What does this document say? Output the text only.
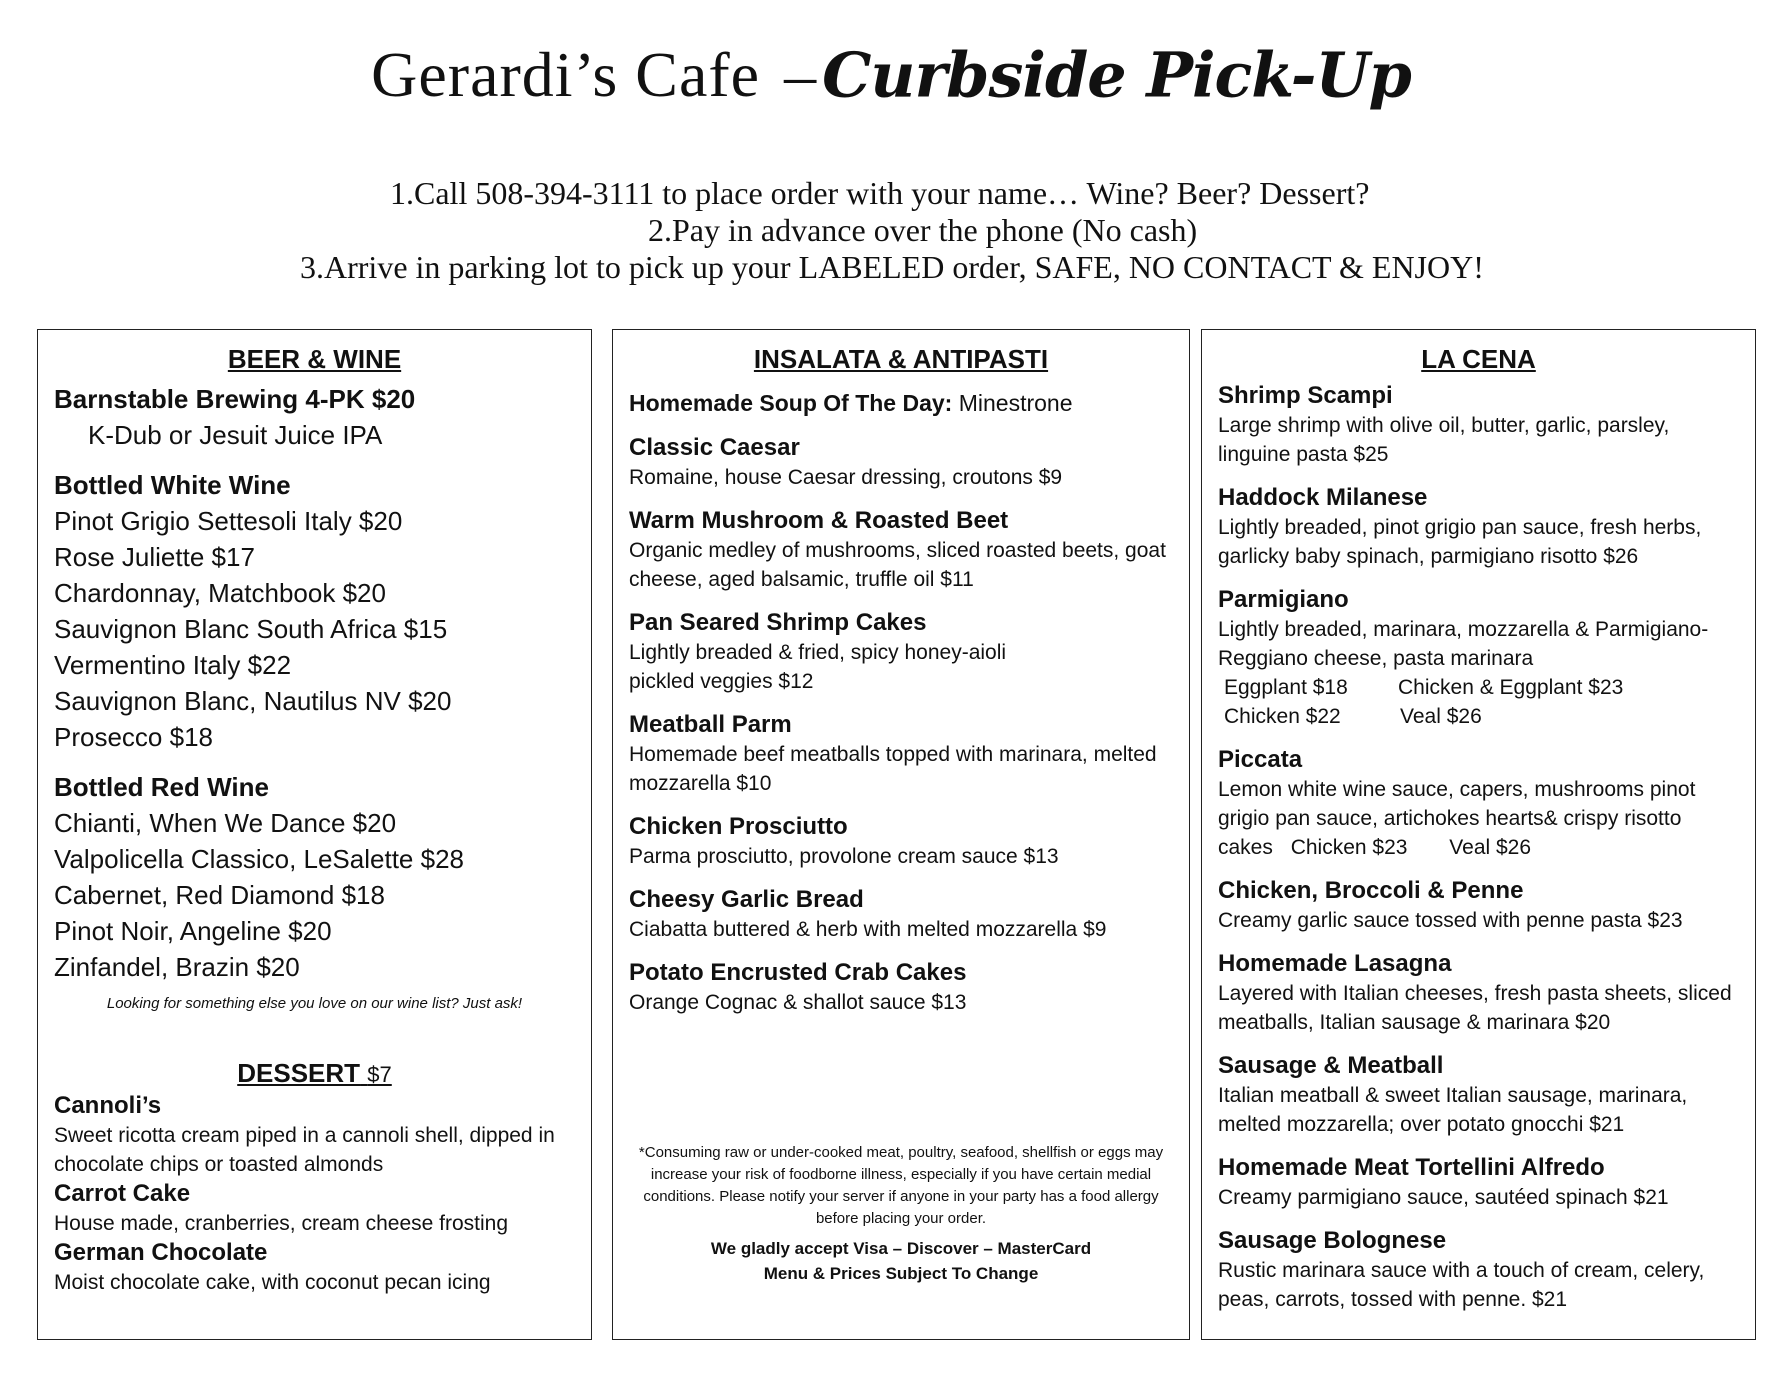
Gerardi’s Cafe –Curbside Pick-Up
1.Call 508-394-3111 to place order with your name… Wine? Beer? Dessert?
2.Pay in advance over the phone (No cash)
3.Arrive in parking lot to pick up your LABELED order, SAFE, NO CONTACT & ENJOY!
BEER & WINE
Barnstable Brewing 4-PK $20
K-Dub or Jesuit Juice IPA
Bottled White Wine
Pinot Grigio Settesoli Italy $20
Rose Juliette $17
Chardonnay, Matchbook $20
Sauvignon Blanc South Africa $15
Vermentino Italy $22
Sauvignon Blanc, Nautilus NV $20
Prosecco $18
Bottled Red Wine
Chianti, When We Dance $20
Valpolicella Classico, LeSalette $28
Cabernet, Red Diamond $18
Pinot Noir, Angeline $20
Zinfandel, Brazin $20
Looking for something else you love on our wine list? Just ask!
DESSERT $7
Cannoli’s
Sweet ricotta cream piped in a cannoli shell, dipped in chocolate chips or toasted almonds
Carrot Cake
House made, cranberries, cream cheese frosting
German Chocolate
Moist chocolate cake, with coconut pecan icing
INSALATA & ANTIPASTI
Homemade Soup Of The Day: Minestrone
Classic Caesar
Romaine, house Caesar dressing, croutons $9
Warm Mushroom & Roasted Beet
Organic medley of mushrooms, sliced roasted beets, goat cheese, aged balsamic, truffle oil $11
Pan Seared Shrimp Cakes
Lightly breaded & fried, spicy honey-aioli pickled veggies $12
Meatball Parm
Homemade beef meatballs topped with marinara, melted mozzarella $10
Chicken Prosciutto
Parma prosciutto, provolone cream sauce $13
Cheesy Garlic Bread
Ciabatta buttered & herb with melted mozzarella $9
Potato Encrusted Crab Cakes
Orange Cognac & shallot sauce $13
*Consuming raw or under-cooked meat, poultry, seafood, shellfish or eggs may increase your risk of foodborne illness, especially if you have certain medial conditions. Please notify your server if anyone in your party has a food allergy before placing your order.
We gladly accept Visa – Discover – MasterCard
Menu & Prices Subject To Change
LA CENA
Shrimp Scampi
Large shrimp with olive oil, butter, garlic, parsley, linguine pasta $25
Haddock Milanese
Lightly breaded, pinot grigio pan sauce, fresh herbs, garlicky baby spinach, parmigiano risotto $26
Parmigiano
Lightly breaded, marinara, mozzarella & Parmigiano-Reggiano cheese, pasta marinara
Eggplant $18 Chicken & Eggplant $23
Chicken $22	Veal $26
Piccata
Lemon white wine sauce, capers, mushrooms pinot grigio pan sauce, artichokes hearts& crispy risotto cakes Chicken $23 Veal $26
Chicken, Broccoli & Penne
Creamy garlic sauce tossed with penne pasta $23
Homemade Lasagna
Layered with Italian cheeses, fresh pasta sheets, sliced meatballs, Italian sausage & marinara $20
Sausage & Meatball
Italian meatball & sweet Italian sausage, marinara, melted mozzarella; over potato gnocchi $21
Homemade Meat Tortellini Alfredo
Creamy parmigiano sauce, sautéed spinach $21
Sausage Bolognese
Rustic marinara sauce with a touch of cream, celery, peas, carrots, tossed with penne. $21
